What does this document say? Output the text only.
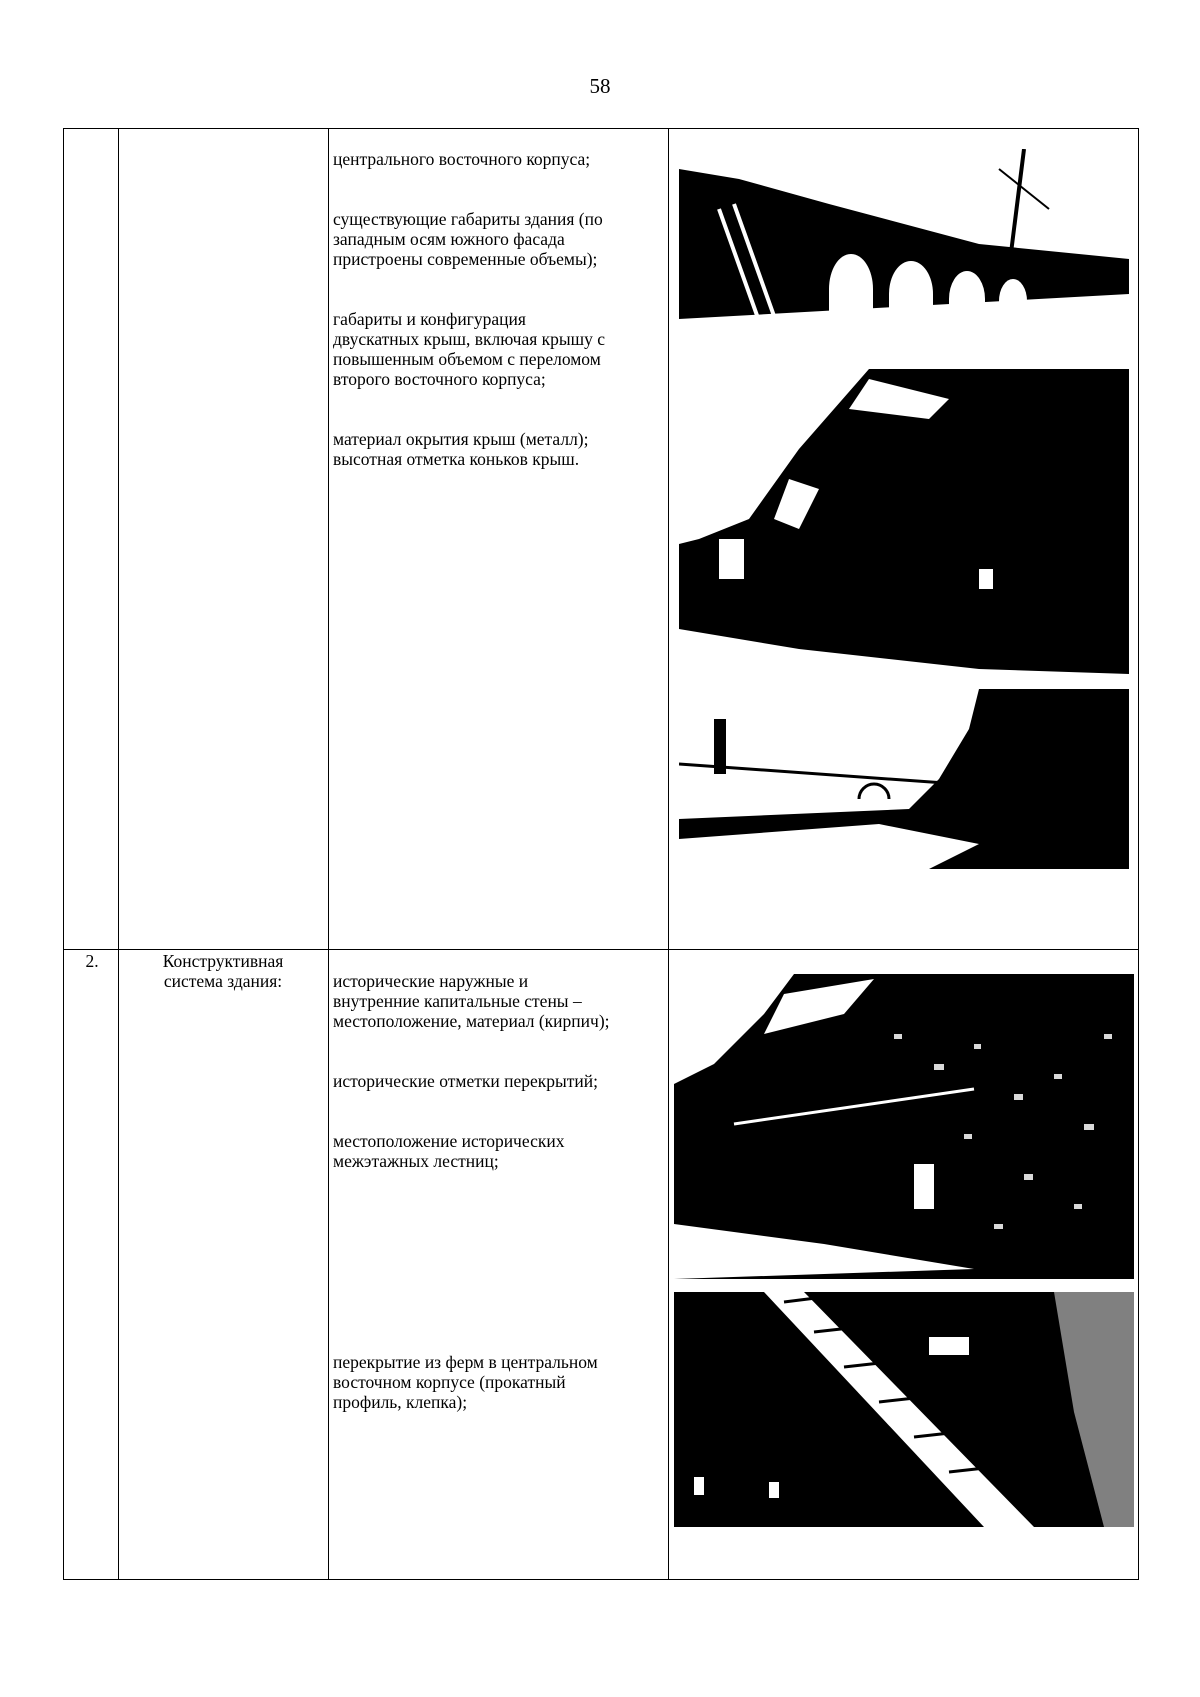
58

центрального восточного корпуса;

существующие габариты здания (по
западным осям южного фасада
пристроены современные объемы);

габариты и конфигурация
двускатных крыш, включая крышу с
повышенным объемом с переломом
второго восточного корпуса;

материал окрытия крыш (металл);
высотная отметка коньков крыш.

2.	Конструктивная
система здания:	исторические наружные и
внутренние капитальные стены –
местоположение, материал (кирпич);

исторические отметки перекрытий;

местоположение исторических
межэтажных лестниц;

перекрытие из ферм в центральном
восточном корпусе (прокатный
профиль, клепка);
